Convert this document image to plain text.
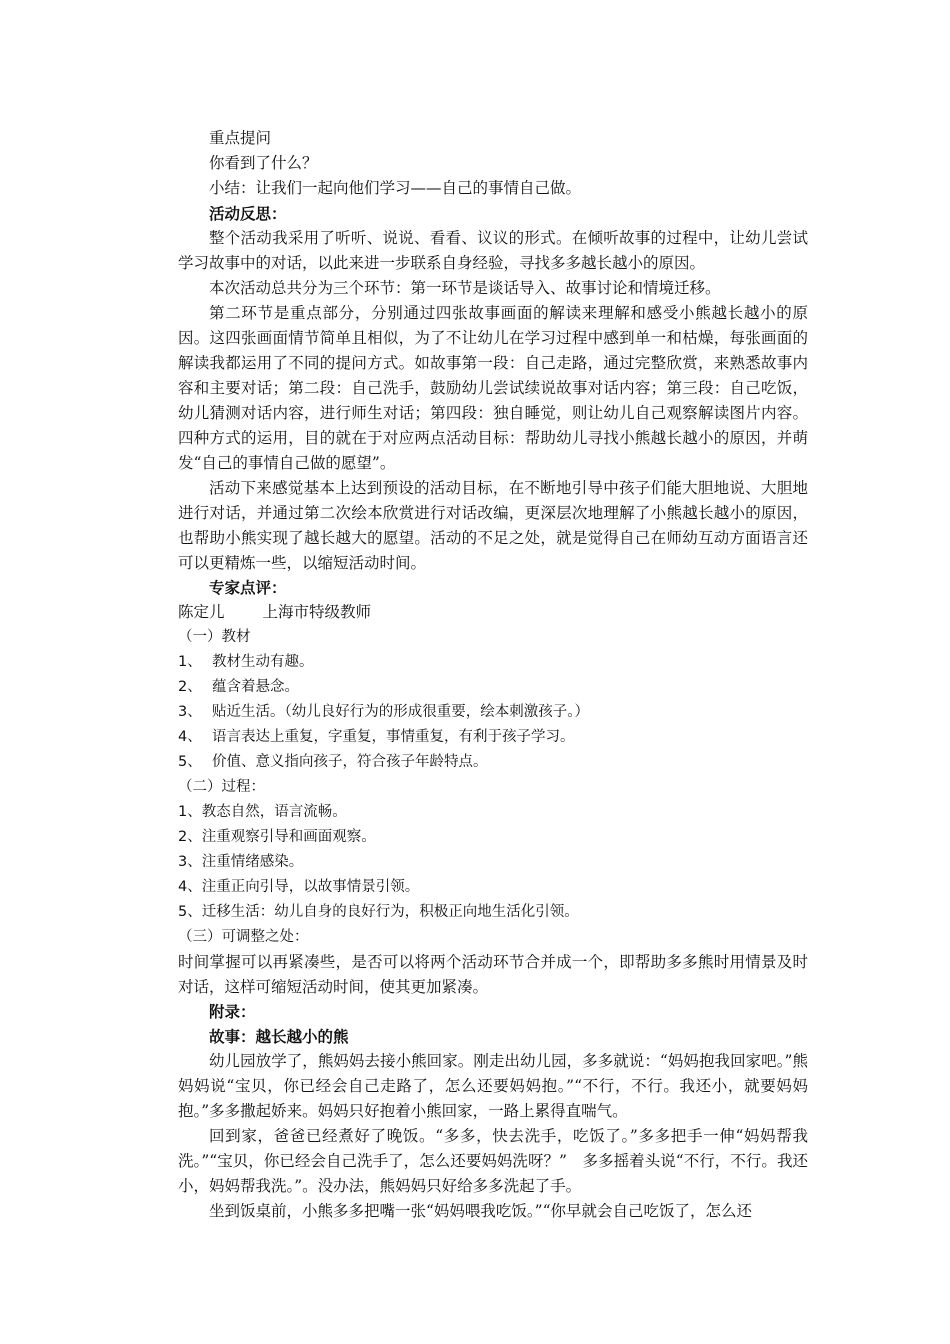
重点提问

你看到了什么？

小结：让我们一起向他们学习——自己的事情自己做。

活动反思：

整个活动我采用了听听、说说、看看、议议的形式。在倾听故事的过程中，让幼儿尝试学习故事中的对话，以此来进一步联系自身经验，寻找多多越长越小的原因。

本次活动总共分为三个环节：第一环节是谈话导入、故事讨论和情境迁移。

第二环节是重点部分，分别通过四张故事画面的解读来理解和感受小熊越长越小的原因。这四张画面情节简单且相似，为了不让幼儿在学习过程中感到单一和枯燥，每张画面的解读我都运用了不同的提问方式。如故事第一段：自己走路，通过完整欣赏，来熟悉故事内容和主要对话；第二段：自己洗手，鼓励幼儿尝试续说故事对话内容；第三段：自己吃饭，幼儿猜测对话内容，进行师生对话；第四段：独自睡觉，则让幼儿自己观察解读图片内容。四种方式的运用，目的就在于对应两点活动目标：帮助幼儿寻找小熊越长越小的原因，并萌发“自己的事情自己做的愿望”。

活动下来感觉基本上达到预设的活动目标，在不断地引导中孩子们能大胆地说、大胆地进行对话，并通过第二次绘本欣赏进行对话改编，更深层次地理解了小熊越长越小的原因，也帮助小熊实现了越长越大的愿望。活动的不足之处，就是觉得自己在师幼互动方面语言还可以更精炼一些，以缩短活动时间。

专家点评：

陈定儿 上海市特级教师

（一）教材

1、 教材生动有趣。

2、 蕴含着悬念。

3、 贴近生活。（幼儿良好行为的形成很重要，绘本刺激孩子。）

4、 语言表达上重复，字重复，事情重复，有利于孩子学习。

5、 价值、意义指向孩子，符合孩子年龄特点。

（二）过程：

1、教态自然，语言流畅。

2、注重观察引导和画面观察。

3、注重情绪感染。

4、注重正向引导，以故事情景引领。

5、迁移生活：幼儿自身的良好行为，积极正向地生活化引领。

（三）可调整之处：

时间掌握可以再紧凑些，是否可以将两个活动环节合并成一个，即帮助多多熊时用情景及时对话，这样可缩短活动时间，使其更加紧凑。

附录：

故事：越长越小的熊

幼儿园放学了，熊妈妈去接小熊回家。刚走出幼儿园，多多就说：“妈妈抱我回家吧。”熊妈妈说“宝贝，你已经会自己走路了，怎么还要妈妈抱。”“不行，不行。我还小，就要妈妈抱。”多多撒起娇来。妈妈只好抱着小熊回家，一路上累得直喘气。

回到家，爸爸已经煮好了晚饭。“多多，快去洗手，吃饭了。”多多把手一伸“妈妈帮我洗。”“宝贝，你已经会自己洗手了，怎么还要妈妈洗呀？”　多多摇着头说“不行，不行。我还小，妈妈帮我洗。”。没办法，熊妈妈只好给多多洗起了手。

坐到饭桌前，小熊多多把嘴一张“妈妈喂我吃饭。”“你早就会自己吃饭了，怎么还
